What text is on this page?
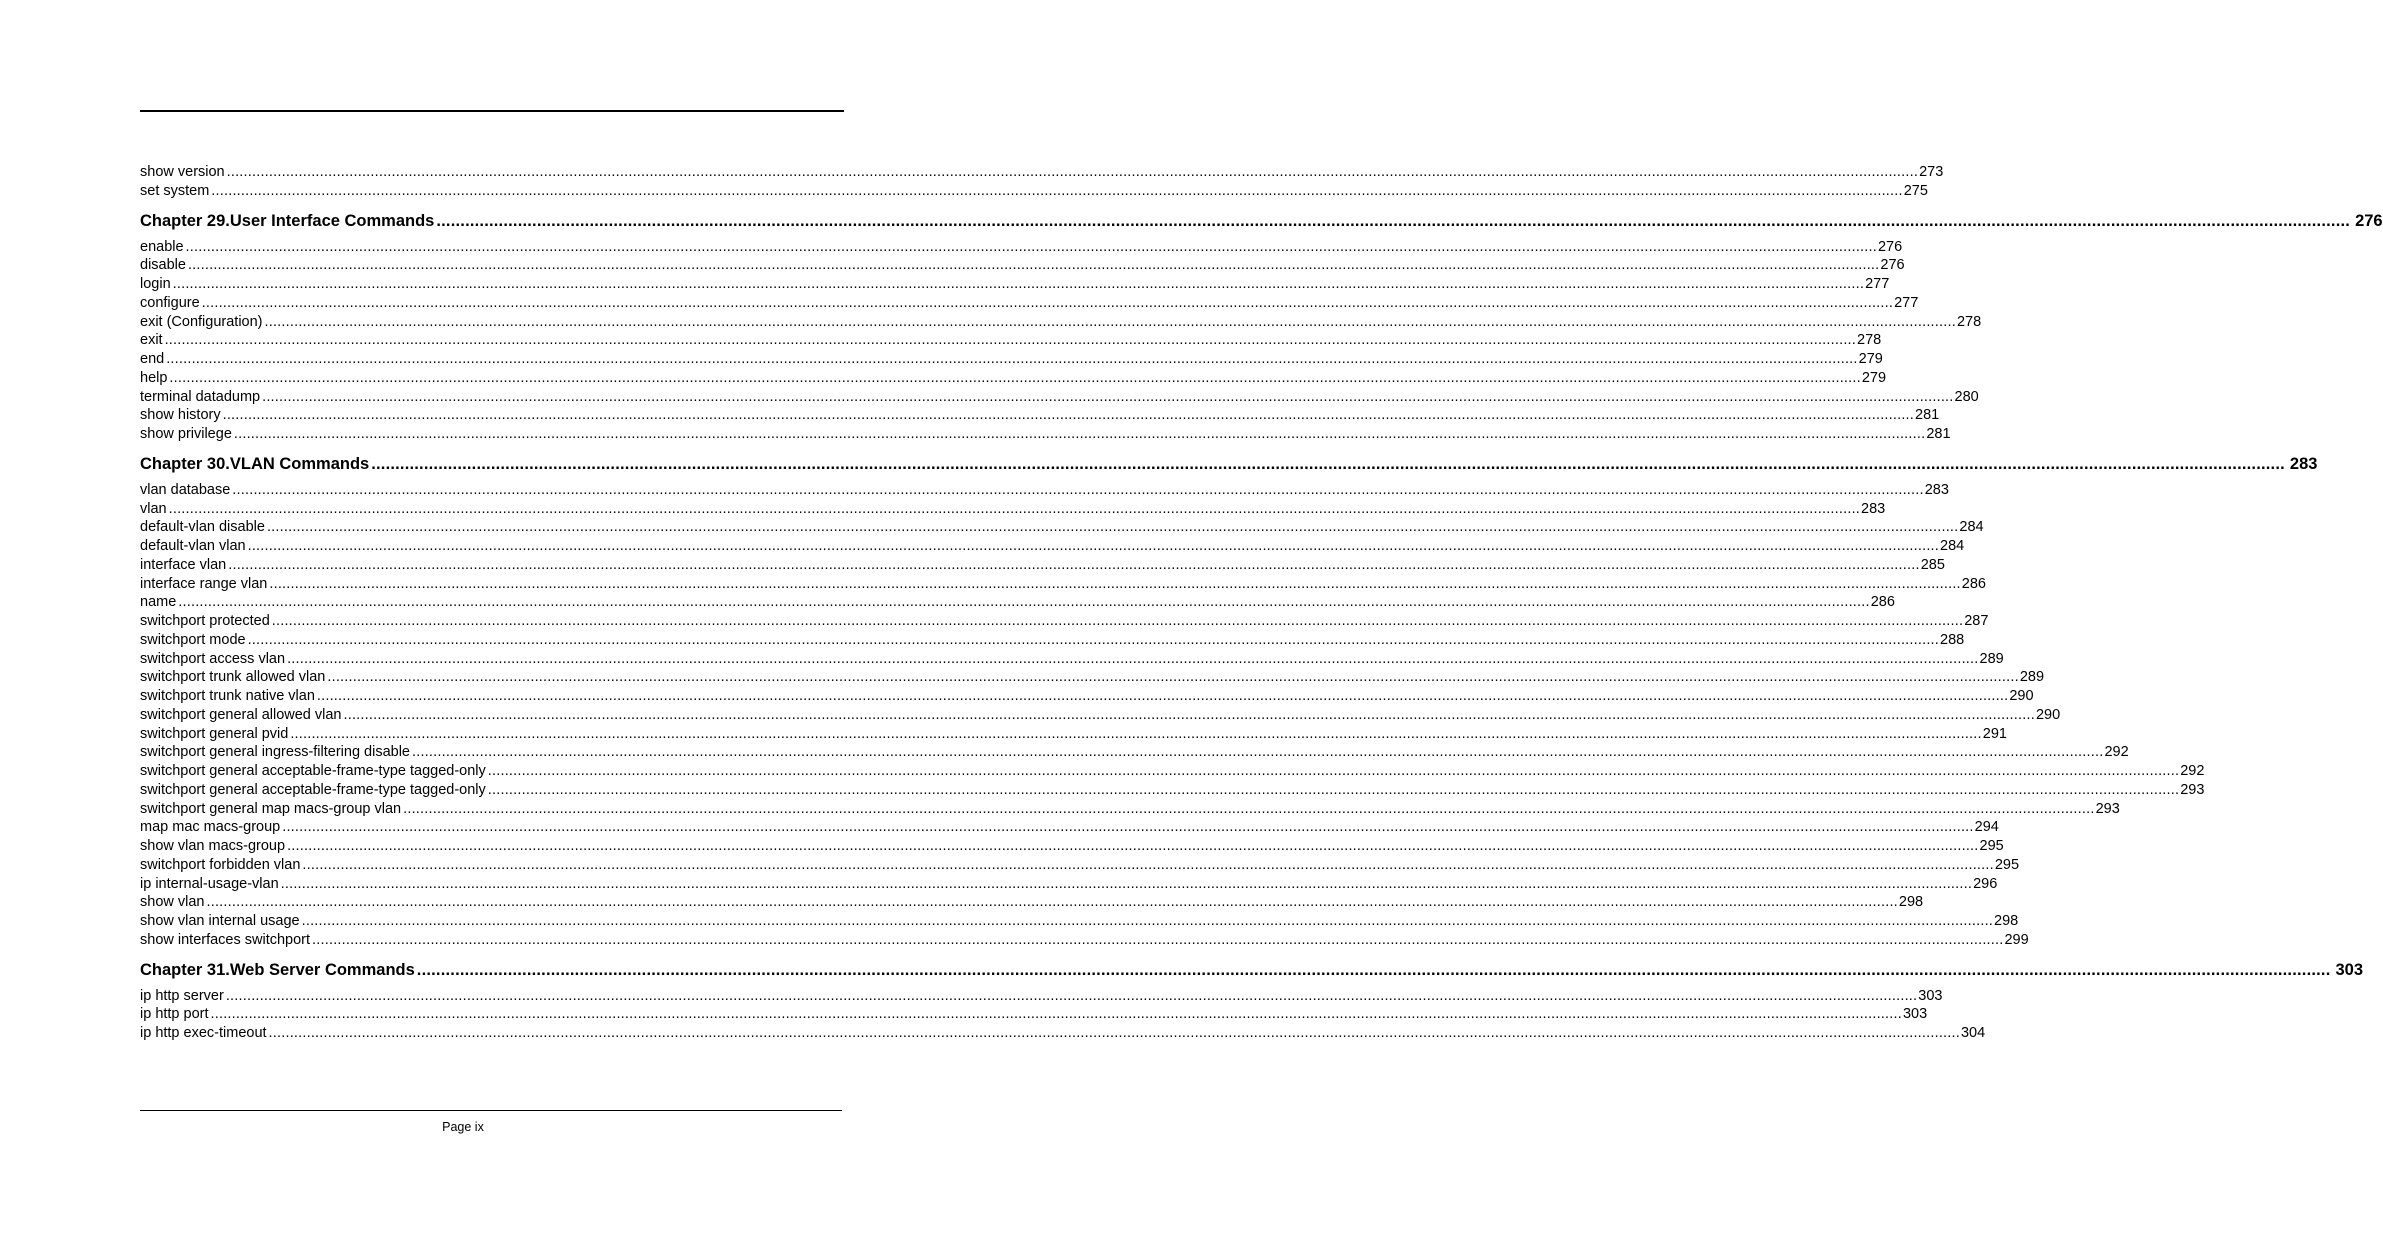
show version ................................................................................................................................................................................................................................................................................................................................................................................................................ 273
set system ................................................................................................................................................................................................................................................................................................................................................................................................................ 275
Chapter 29.User Interface Commands ................................................................................................................................................................................................................................................................................................................................................................................................................ 276
enable ................................................................................................................................................................................................................................................................................................................................................................................................................ 276
disable ................................................................................................................................................................................................................................................................................................................................................................................................................ 276
login ................................................................................................................................................................................................................................................................................................................................................................................................................ 277
configure ................................................................................................................................................................................................................................................................................................................................................................................................................ 277
exit (Configuration) ................................................................................................................................................................................................................................................................................................................................................................................................................ 278
exit ................................................................................................................................................................................................................................................................................................................................................................................................................ 278
end ................................................................................................................................................................................................................................................................................................................................................................................................................ 279
help ................................................................................................................................................................................................................................................................................................................................................................................................................ 279
terminal datadump ................................................................................................................................................................................................................................................................................................................................................................................................................ 280
show history ................................................................................................................................................................................................................................................................................................................................................................................................................ 281
show privilege ................................................................................................................................................................................................................................................................................................................................................................................................................ 281
Chapter 30.VLAN Commands ................................................................................................................................................................................................................................................................................................................................................................................................................ 283
vlan database ................................................................................................................................................................................................................................................................................................................................................................................................................ 283
vlan ................................................................................................................................................................................................................................................................................................................................................................................................................ 283
default-vlan disable ................................................................................................................................................................................................................................................................................................................................................................................................................ 284
default-vlan vlan ................................................................................................................................................................................................................................................................................................................................................................................................................ 284
interface vlan ................................................................................................................................................................................................................................................................................................................................................................................................................ 285
interface range vlan ................................................................................................................................................................................................................................................................................................................................................................................................................ 286
name ................................................................................................................................................................................................................................................................................................................................................................................................................ 286
switchport protected ................................................................................................................................................................................................................................................................................................................................................................................................................ 287
switchport mode ................................................................................................................................................................................................................................................................................................................................................................................................................ 288
switchport access vlan ................................................................................................................................................................................................................................................................................................................................................................................................................ 289
switchport trunk allowed vlan ................................................................................................................................................................................................................................................................................................................................................................................................................ 289
switchport trunk native vlan ................................................................................................................................................................................................................................................................................................................................................................................................................ 290
switchport general allowed vlan ................................................................................................................................................................................................................................................................................................................................................................................................................ 290
switchport general pvid ................................................................................................................................................................................................................................................................................................................................................................................................................ 291
switchport general ingress-filtering disable ................................................................................................................................................................................................................................................................................................................................................................................................................ 292
switchport general acceptable-frame-type tagged-only ................................................................................................................................................................................................................................................................................................................................................................................................................ 292
switchport general acceptable-frame-type tagged-only ................................................................................................................................................................................................................................................................................................................................................................................................................ 293
switchport general map macs-group vlan ................................................................................................................................................................................................................................................................................................................................................................................................................ 293
map mac macs-group ................................................................................................................................................................................................................................................................................................................................................................................................................ 294
show vlan macs-group ................................................................................................................................................................................................................................................................................................................................................................................................................ 295
switchport forbidden vlan ................................................................................................................................................................................................................................................................................................................................................................................................................ 295
ip internal-usage-vlan ................................................................................................................................................................................................................................................................................................................................................................................................................ 296
show vlan ................................................................................................................................................................................................................................................................................................................................................................................................................ 298
show vlan internal usage ................................................................................................................................................................................................................................................................................................................................................................................................................ 298
show interfaces switchport ................................................................................................................................................................................................................................................................................................................................................................................................................ 299
Chapter 31.Web Server Commands ................................................................................................................................................................................................................................................................................................................................................................................................................ 303
ip http server ................................................................................................................................................................................................................................................................................................................................................................................................................ 303
ip http port ................................................................................................................................................................................................................................................................................................................................................................................................................ 303
ip http exec-timeout ................................................................................................................................................................................................................................................................................................................................................................................................................ 304
Page ix
